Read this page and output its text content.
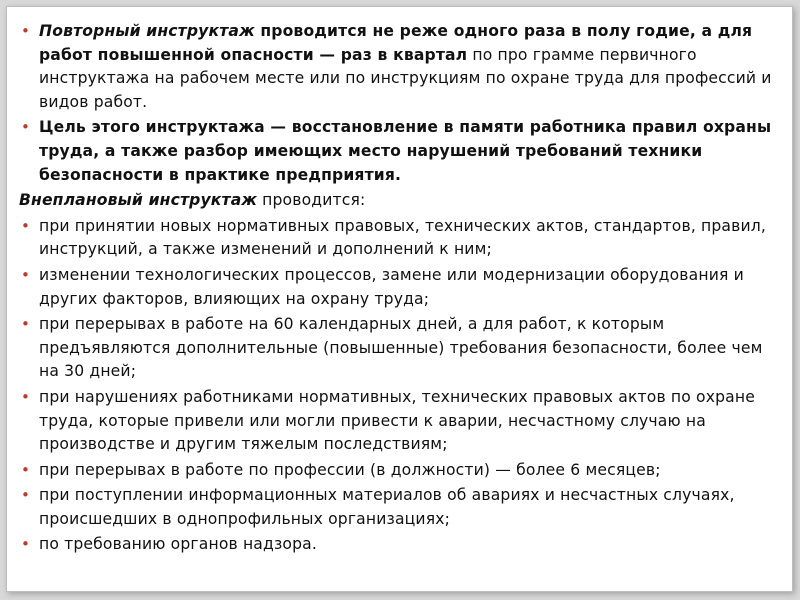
• Повторный инструктаж проводится не реже одного раза в полу годие, а для работ повышенной опасности — раз в квартал по про грамме первичного инструктажа на рабочем месте или по инструкциям по охране труда для профессий и видов работ.

• Цель этого инструктажа — восстановление в памяти работника правил охраны труда, а также разбор имеющих место нарушений требований техники безопасности в практике предприятия.

Внеплановый инструктаж проводится:

• при принятии новых нормативных правовых, технических актов, стандартов, правил, инструкций, а также изменений и дополнений к ним;

• изменении технологических процессов, замене или модернизации оборудования и других факторов, влияющих на охрану труда;

• при перерывах в работе на 60 календарных дней, а для работ, к которым предъявляются дополнительные (повышенные) требования безопасности, более чем на 30 дней;

• при нарушениях работниками нормативных, технических правовых актов по охране труда, которые привели или могли привести к аварии, несчастному случаю на производстве и другим тяжелым последствиям;

• при перерывах в работе по профессии (в должности) — более 6 месяцев;

• при поступлении информационных материалов об авариях и несчастных случаях, происшедших в однопрофильных организациях;

• по требованию органов надзора.
